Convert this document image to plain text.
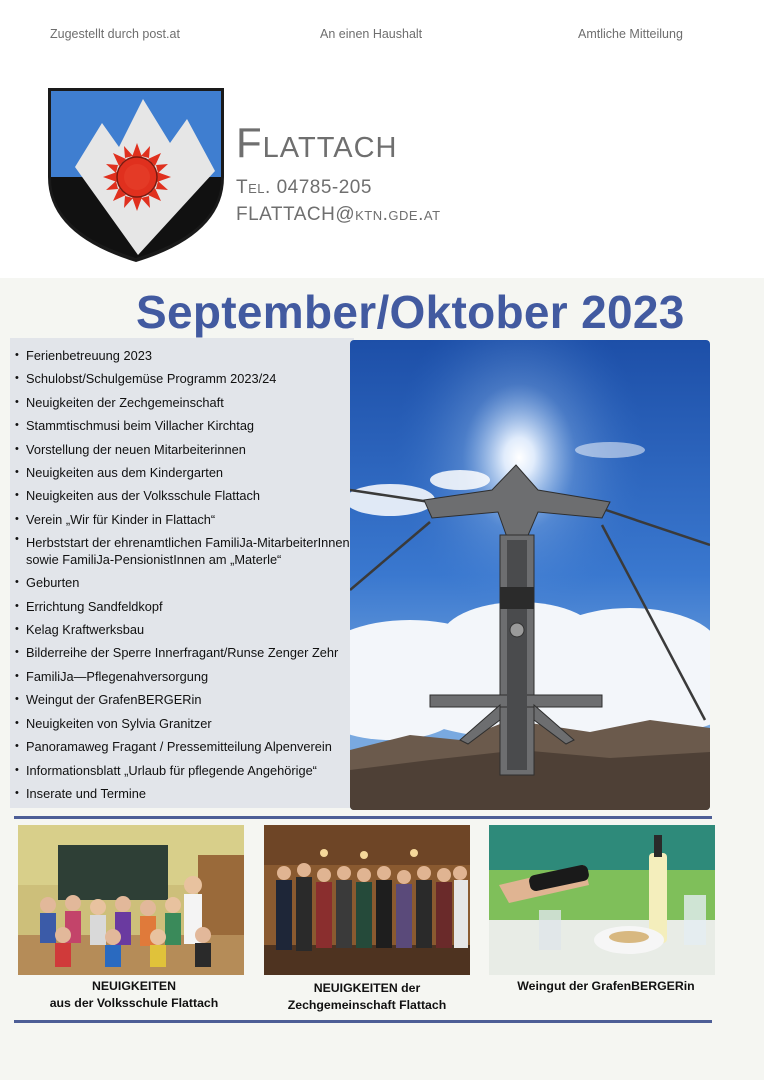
Zugestellt durch post.at	An einen Haushalt	Amtliche Mitteilung
Flattach
Tel. 04785-205
FLATTACH@ktn.gde.at
September/Oktober 2023
• Ferienbetreuung 2023
• Schulobst/Schulgemüse Programm 2023/24
• Neuigkeiten der Zechgemeinschaft
• Stammtischmusi beim Villacher Kirchtag
• Vorstellung der neuen Mitarbeiterinnen
• Neuigkeiten aus dem Kindergarten
• Neuigkeiten aus der Volksschule Flattach
• Verein „Wir für Kinder in Flattach“
• Herbststart der ehrenamtlichen FamiliJa-MitarbeiterInnen
sowie FamiliJa-PensionistInnen am „Materle“
• Geburten
• Errichtung Sandfeldkopf
• Kelag Kraftwerksbau
• Bilderreihe der Sperre Innerfragant/Runse Zenger Zehr
• FamiliJa—Pflegenahversorgung
• Weingut der GrafenBERGERin
• Neuigkeiten von Sylvia Granitzer
• Panoramaweg Fragant / Pressemitteilung Alpenverein
• Informationsblatt „Urlaub für pflegende Angehörige“
• Inserate und Termine
NEUIGKEITEN
aus der Volksschule Flattach
NEUIGKEITEN der
Zechgemeinschaft Flattach
Weingut der GrafenBERGERin
